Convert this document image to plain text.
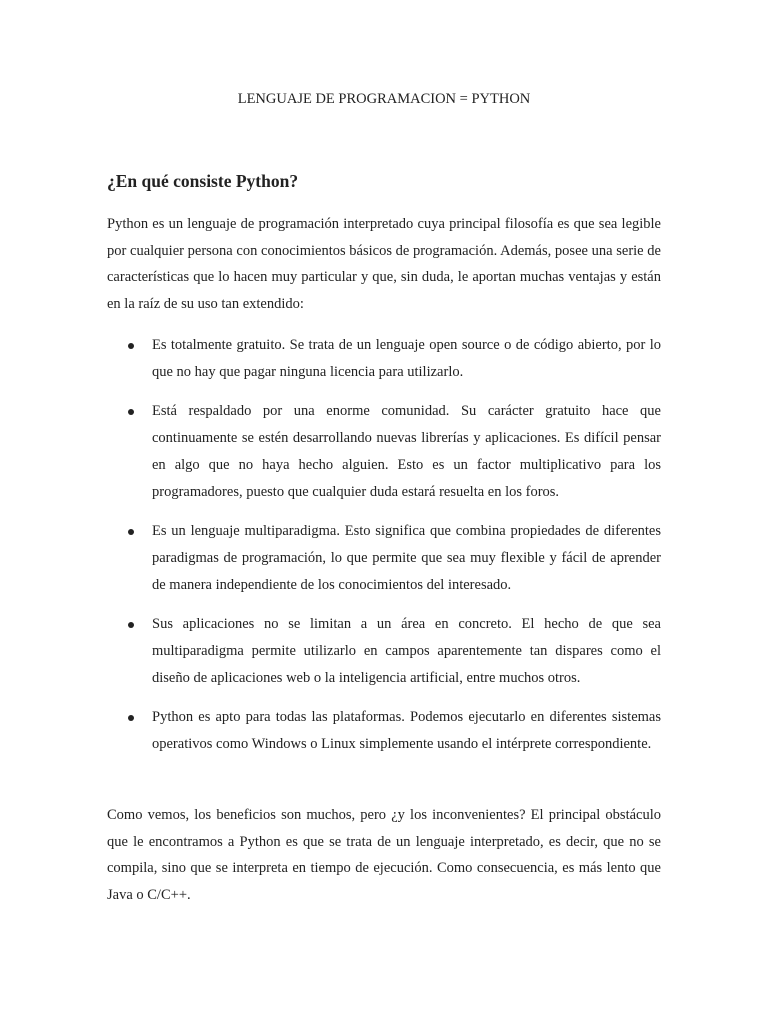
LENGUAJE DE PROGRAMACION = PYTHON
¿En qué consiste Python?

Python es un lenguaje de programación interpretado cuya principal filosofía es que sea legible por cualquier persona con conocimientos básicos de programación. Además, posee una serie de características que lo hacen muy particular y que, sin duda, le aportan muchas ventajas y están en la raíz de su uso tan extendido:

Es totalmente gratuito. Se trata de un lenguaje open source o de código abierto, por lo que no hay que pagar ninguna licencia para utilizarlo.
Está respaldado por una enorme comunidad. Su carácter gratuito hace que continuamente se estén desarrollando nuevas librerías y aplicaciones. Es difícil pensar en algo que no haya hecho alguien. Esto es un factor multiplicativo para los programadores, puesto que cualquier duda estará resuelta en los foros.
Es un lenguaje multiparadigma. Esto significa que combina propiedades de diferentes paradigmas de programación, lo que permite que sea muy flexible y fácil de aprender de manera independiente de los conocimientos del interesado.
Sus aplicaciones no se limitan a un área en concreto. El hecho de que sea multiparadigma permite utilizarlo en campos aparentemente tan dispares como el diseño de aplicaciones web o la inteligencia artificial, entre muchos otros.
Python es apto para todas las plataformas. Podemos ejecutarlo en diferentes sistemas operativos como Windows o Linux simplemente usando el intérprete correspondiente.

Como vemos, los beneficios son muchos, pero ¿y los inconvenientes? El principal obstáculo que le encontramos a Python es que se trata de un lenguaje interpretado, es decir, que no se compila, sino que se interpreta en tiempo de ejecución. Como consecuencia, es más lento que Java o C/C++.
